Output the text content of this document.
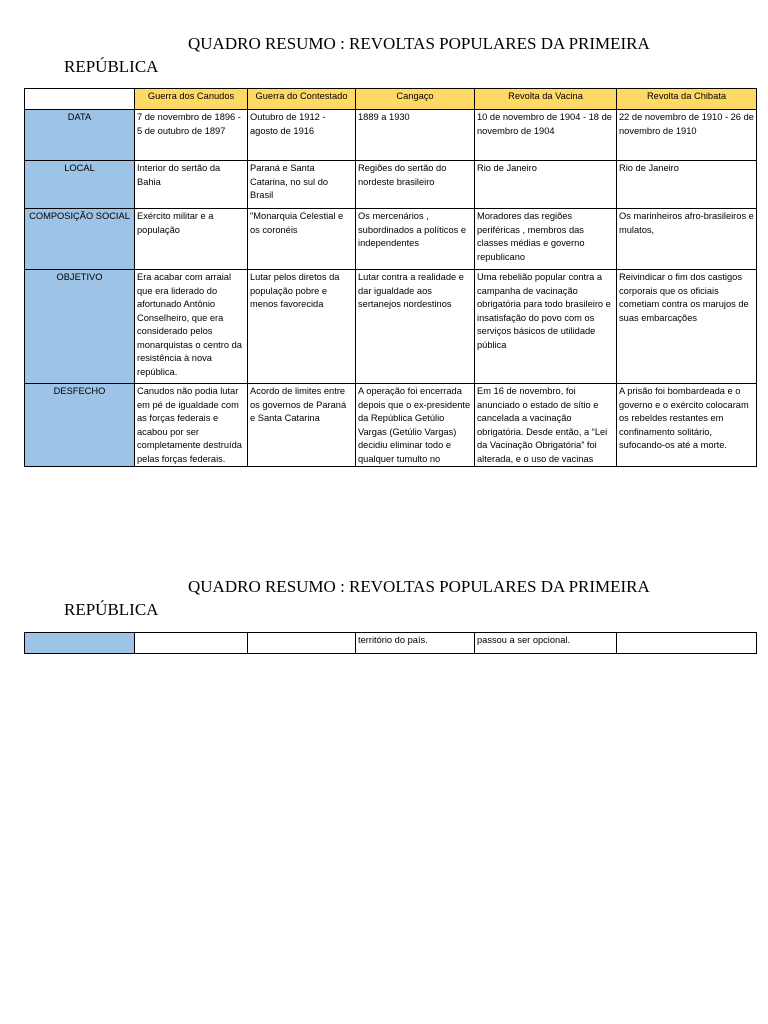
QUADRO RESUMO : REVOLTAS POPULARES DA PRIMEIRA
REPÚBLICA
	Guerra dos Canudos	Guerra do Contestado	Cangaço	Revolta da Vacina	Revolta da Chibata
DATA	7 de novembro de 1896 - 5 de outubro de 1897	Outubro de 1912 - agosto de 1916	1889 a 1930	10 de novembro de 1904 - 18 de novembro de 1904	22 de novembro de 1910 - 26 de novembro de 1910
LOCAL	Interior do sertão da Bahia	Paraná e Santa Catarina, no sul do Brasil	Regiões do sertão do nordeste brasileiro	Rio de Janeiro	Rio de Janeiro
COMPOSIÇÃO SOCIAL	Exército militar e a população	"Monarquia Celestial e os coronéis	Os mercenários , subordinados a políticos e independentes	Moradores das regiões periféricas , membros das classes médias e governo republicano	Os marinheiros afro-brasileiros e mulatos,
OBJETIVO	Era acabar com arraial que era liderado do afortunado Antônio Conselheiro, que era considerado pelos monarquistas o centro da resistência à nova república.	Lutar pelos diretos da população pobre e menos favorecida	Lutar contra a realidade e dar igualdade aos sertanejos nordestinos	Uma rebelião popular contra a campanha de vacinação obrigatória para todo brasileiro e insatisfação do povo com os serviços básicos de utilidade pública	Reivindicar o fim dos castigos corporais que os oficiais cometiam contra os marujos de suas embarcações
DESFECHO	Canudos não podia lutar em pé de igualdade com as forças federais e acabou por ser completamente destruída pelas forças federais.	Acordo de limites entre os governos de Paraná e Santa Catarina	A operação foi encerrada depois que o ex-presidente da República Getúlio Vargas (Getúlio Vargas) decidiu eliminar todo e qualquer tumulto no	Em 16 de novembro, foi anunciado o estado de sítio e cancelada a vacinação obrigatória. Desde então, a “Lei da Vacinação Obrigatória” foi alterada, e o uso de vacinas	A prisão foi bombardeada e o governo e o exército colocaram os rebeldes restantes em confinamento solitário, sufocando-os até a morte.
QUADRO RESUMO : REVOLTAS POPULARES DA PRIMEIRA
REPÚBLICA
			território do país.	passou a ser opcional.	
